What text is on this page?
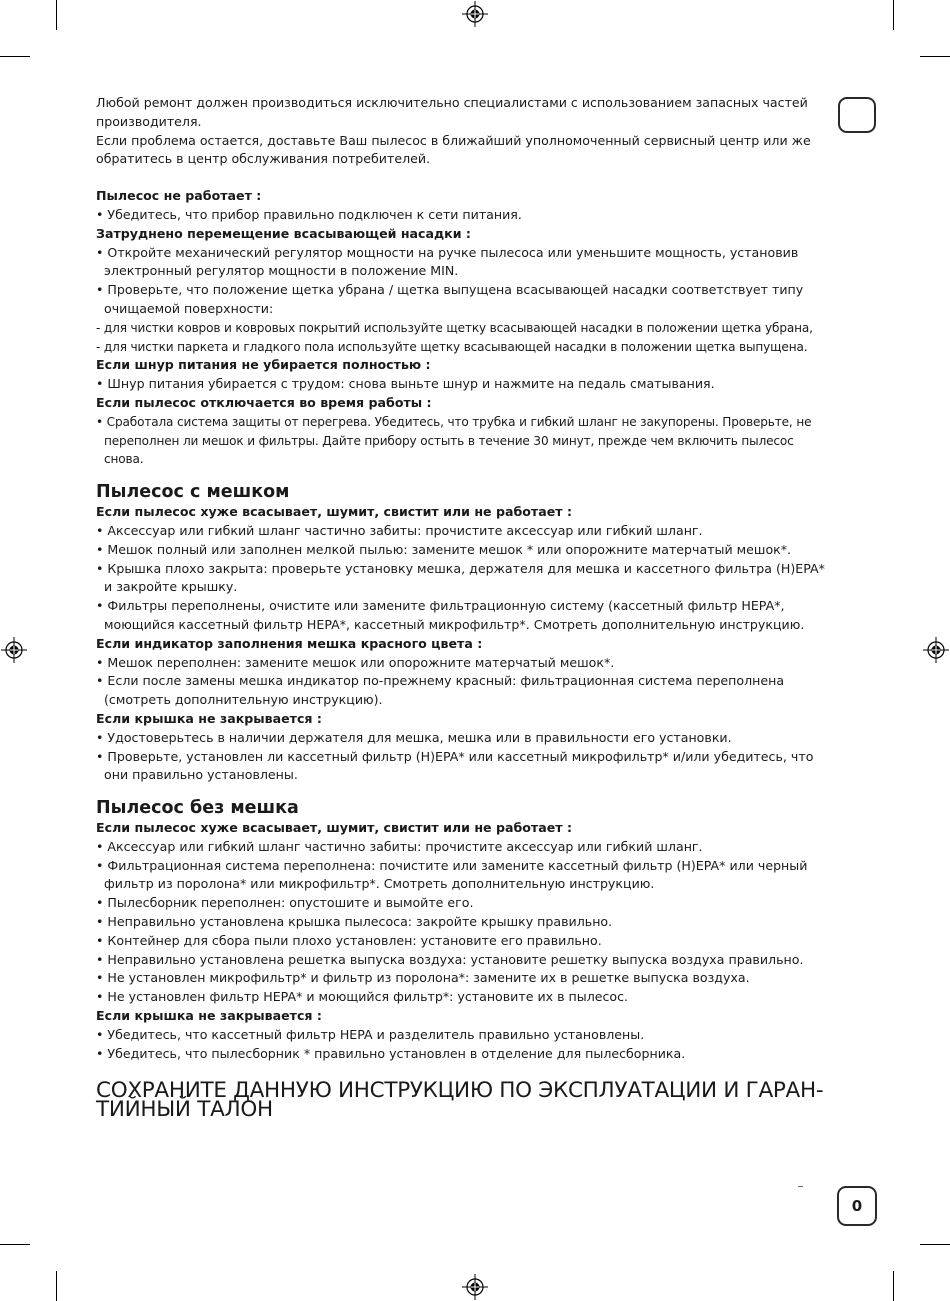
0

Любой ремонт должен производиться исключительно специалистами с использованием запасных частей производителя.

Если проблема остается, доставьте Ваш пылесос в ближайший уполномоченный сервисный центр или же обратитесь в центр обслуживания потребителей.

Пылесос не работает :

• Убедитесь, что прибор правильно подключен к сети питания.

Затруднено перемещение всасывающей насадки :

• Откройте механический регулятор мощности на ручке пылесоса или уменьшите мощность, установив электронный регулятор мощности в положение MIN.

• Проверьте, что положение щетка убрана / щетка выпущена всасывающей насадки соответствует типу очищаемой поверхности:

- для чистки ковров и ковровых покрытий используйте щетку всасывающей насадки в положении щетка убрана,

- для чистки паркета и гладкого пола используйте щетку всасывающей насадки в положении щетка выпущена.

Если шнур питания не убирается полностью :

• Шнур питания убирается с трудом: снова выньте шнур и нажмите на педаль сматывания.

Если пылесос отключается во время работы :

• Сработала система защиты от перегрева. Убедитесь, что трубка и гибкий шланг не закупорены. Проверьте, не переполнен ли мешок и фильтры. Дайте прибору остыть в течение 30 минут, прежде чем включить пылесос снова.

Пылесос с мешком

Если пылесос хуже всасывает, шумит, свистит или не работает :

• Аксессуар или гибкий шланг частично забиты: прочистите аксессуар или гибкий шланг.

• Мешок полный или заполнен мелкой пылью: замените мешок * или опорожните матерчатый мешок*.

• Крышка плохо закрыта: проверьте установку мешка, держателя для мешка и кассетного фильтра (H)EPA* и закройте крышку.

• Фильтры переполнены, очистите или замените фильтрационную систему (кассетный фильтр HEPA*, моющийся кассетный фильтр HEPA*, кассетный микрофильтр*. Смотреть дополнительную инструкцию.

Если индикатор заполнения мешка красного цвета :

• Мешок переполнен: замените мешок или опорожните матерчатый мешок*.

• Если после замены мешка индикатор по-прежнему красный: фильтрационная система переполнена (смотреть дополнительную инструкцию).

Если крышка не закрывается :

• Удостоверьтесь в наличии держателя для мешка, мешка или в правильности его установки.

• Проверьте, установлен ли кассетный фильтр (H)EPA* или кассетный микрофильтр* и/или убедитесь, что они правильно установлены.

Пылесос без мешка

Если пылесос хуже всасывает, шумит, свистит или не работает :

• Аксессуар или гибкий шланг частично забиты: прочистите аксессуар или гибкий шланг.

• Фильтрационная система переполнена: почистите или замените кассетный фильтр (H)EPA* или черный фильтр из поролона* или микрофильтр*. Смотреть дополнительную инструкцию.

• Пылесборник переполнен: опустошите и вымойте его.

• Неправильно установлена крышка пылесоса: закройте крышку правильно.

• Контейнер для сбора пыли плохо установлен: установите его правильно.

• Неправильно установлена решетка выпуска воздуха: установите решетку выпуска воздуха правильно.

• Не установлен микрофильтр* и фильтр из поролона*: замените их в решетке выпуска воздуха.

• Не установлен фильтр HEPA* и моющийся фильтр*: установите их в пылесос.

Если крышка не закрывается :

• Убедитесь, что кассетный фильтр HEPA и разделитель правильно установлены.

• Убедитесь, что пылесборник * правильно установлен в отделение для пылесборника.

СОХРАНИТЕ ДАННУЮ ИНСТРУКЦИЮ ПО ЭКСПЛУАТАЦИИ И ГАРАН-
ТИЙНЫЙ ТАЛОН
